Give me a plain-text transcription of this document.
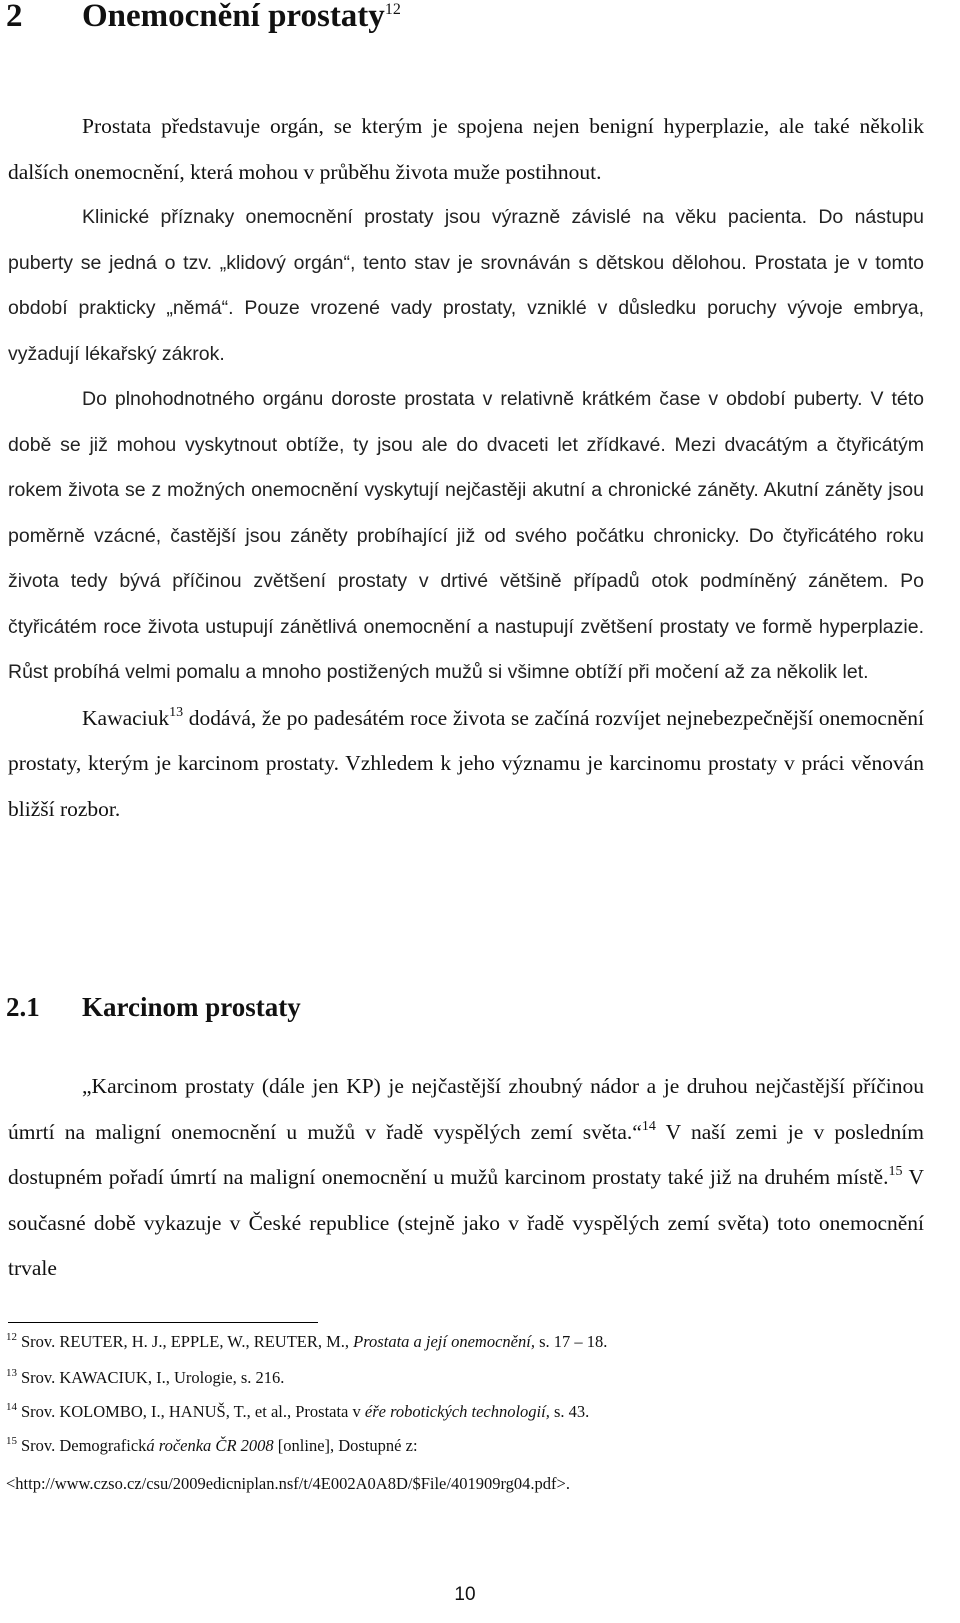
2 Onemocnění prostaty$^{12}$

Prostata představuje orgán, se kterým je spojena nejen benigní hyperplazie, ale také několik dalších onemocnění, která mohou v průběhu života muže postihnout.

Klinické příznaky onemocnění prostaty jsou výrazně závislé na věku pacienta. Do nástupu puberty se jedná o tzv. „klidový orgán“, tento stav je srovnáván s dětskou dělohou. Prostata je v tomto období prakticky „němá“. Pouze vrozené vady prostaty, vzniklé v důsledku poruchy vývoje embrya, vyžadují lékařský zákrok.

Do plnohodnotného orgánu doroste prostata v relativně krátkém čase v období puberty. V této době se již mohou vyskytnout obtíže, ty jsou ale do dvaceti let zřídkavé. Mezi dvacátým a čtyřicátým rokem života se z možných onemocnění vyskytují nejčastěji akutní a chronické záněty. Akutní záněty jsou poměrně vzácné, častější jsou záněty probíhající již od svého počátku chronicky. Do čtyřicátého roku života tedy bývá příčinou zvětšení prostaty v drtivé většině případů otok podmíněný zánětem. Po čtyřicátém roce života ustupují zánětlivá onemocnění a nastupují zvětšení prostaty ve formě hyperplazie. Růst probíhá velmi pomalu a mnoho postižených mužů si všimne obtíží při močení až za několik let.

Kawaciuk$^{13}$ dodává, že po padesátém roce života se začíná rozvíjet nejnebezpečnější onemocnění prostaty, kterým je karcinom prostaty. Vzhledem k jeho významu je karcinomu prostaty v práci věnován bližší rozbor.

2.1 Karcinom prostaty

„Karcinom prostaty (dále jen KP) je nejčastější zhoubný nádor a je druhou nejčastější příčinou úmrtí na maligní onemocnění u mužů v řadě vyspělých zemí světa.“$^{14}$ V naší zemi je v posledním dostupném pořadí úmrtí na maligní onemocnění u mužů karcinom prostaty také již na druhém místě.$^{15}$ V současné době vykazuje v České republice (stejně jako v řadě vyspělých zemí světa) toto onemocnění trvale

$^{12}$ Srov. REUTER, H. J., EPPLE, W., REUTER, M., Prostata a její onemocnění, s. 17 – 18.
$^{13}$ Srov. KAWACIUK, I., Urologie, s. 216.
$^{14}$ Srov. KOLOMBO, I., HANUŠ, T., et al., Prostata v éře robotických technologií, s. 43.
$^{15}$ Srov. Demografická ročenka ČR 2008 [online], Dostupné z:
<http://www.czso.cz/csu/2009edicniplan.nsf/t/4E002A0A8D/$File/401909rg04.pdf>.
10
